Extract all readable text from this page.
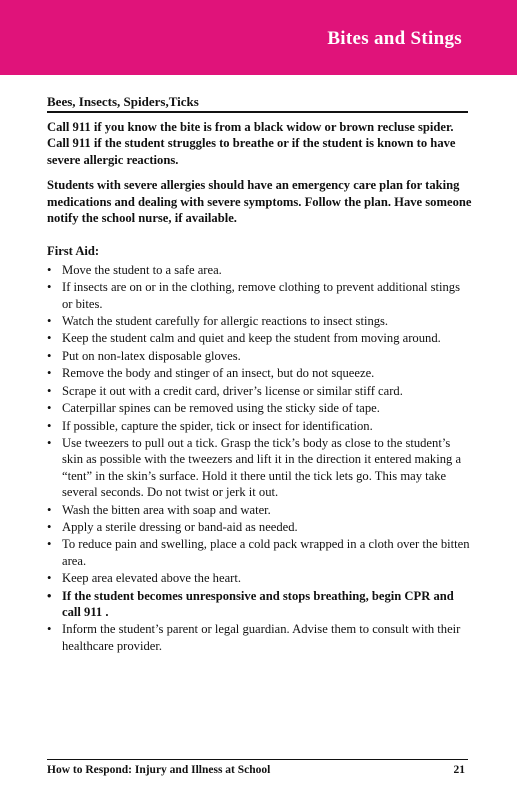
Bites and Stings
Bees, Insects, Spiders,Ticks

Call 911 if you know the bite is from a black widow or brown recluse spider. Call 911 if the student struggles to breathe or if the student is known to have severe allergic reactions.

Students with severe allergies should have an emergency care plan for taking medications and dealing with severe symptoms. Follow the plan. Have someone notify the school nurse, if available.

First Aid:
• Move the student to a safe area.
• If insects are on or in the clothing, remove clothing to prevent additional stings or bites.
• Watch the student carefully for allergic reactions to insect stings.
• Keep the student calm and quiet and keep the student from moving around.
• Put on non-latex disposable gloves.
• Remove the body and stinger of an insect, but do not squeeze.
• Scrape it out with a credit card, driver’s license or similar stiff card.
• Caterpillar spines can be removed using the sticky side of tape.
• If possible, capture the spider, tick or insect for identification.
• Use tweezers to pull out a tick. Grasp the tick’s body as close to the student’s skin as possible with the tweezers and lift it in the direction it entered making a “tent” in the skin’s surface. Hold it there until the tick lets go. This may take several seconds. Do not twist or jerk it out.
• Wash the bitten area with soap and water.
• Apply a sterile dressing or band-aid as needed.
• To reduce pain and swelling, place a cold pack wrapped in a cloth over the bitten area.
• Keep area elevated above the heart.
• If the student becomes unresponsive and stops breathing, begin CPR and call 911 .
• Inform the student’s parent or legal guardian. Advise them to consult with their healthcare provider.
How to Respond: Injury and Illness at School	21
